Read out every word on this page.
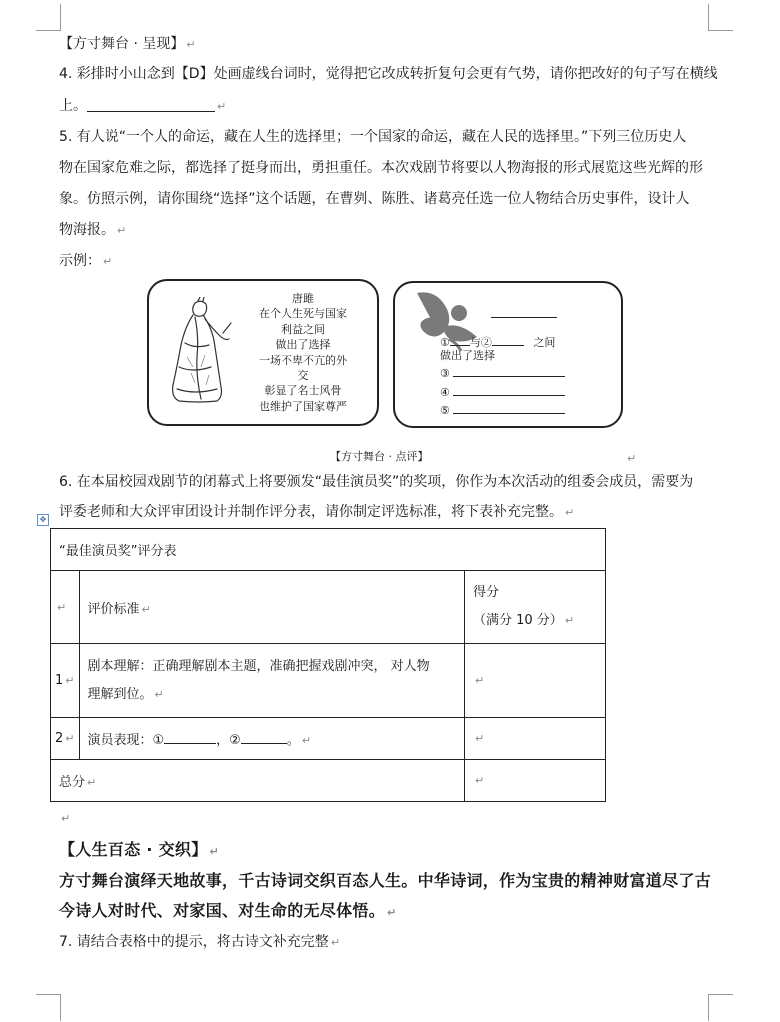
【方寸舞台 · 呈现】 ↵
4. 彩排时小山念到【D】处画虚线台词时，觉得把它改成转折复句会更有气势，请你把改好的句子写在横线
上。	↵
5. 有人说“一个人的命运，藏在人生的选择里；一个国家的命运，藏在人民的选择里。”下列三位历史人
物在国家危难之际，都选择了挺身而出，勇担重任。本次戏剧节将要以人物海报的形式展览这些光辉的形
象。仿照示例，请你围绕“选择”这个话题，在曹刿、陈胜、诸葛亮任选一位人物结合历史事件，设计人
物海报。 ↵
示例： ↵
唐雎
在个人生死与国家
利益之间
做出了选择
一场不卑不亢的外
交
彰显了名士风骨
也维护了国家尊严
① 与②	之间
做出了选择
③
④
⑤
【方寸舞台 · 点评】	↵
6. 在本届校园戏剧节的闭幕式上将要颁发“最佳演员奖”的奖项，你作为本次活动的组委会成员，需要为
评委老师和大众评审团设计并制作评分表，请你制定评选标准，将下表补充完整。 ↵
✥
“最佳演员奖”评分表		
↵	评价标准 ↵	得分
（满分 10 分） ↵

1 ↵	剧本理解：正确理解剧本主题，准确把握戏剧冲突， 对人物
理解到位。 ↵	↵
2 ↵	演员表现：① ，② 。 ↵	↵
总分 ↵		↵
↵
【人生百态 · 交织】 ↵
方寸舞台演绎天地故事，千古诗词交织百态人生。中华诗词，作为宝贵的精神财富道尽了古
今诗人对时代、对家国、对生命的无尽体悟。 ↵
7. 请结合表格中的提示，将古诗文补充完整 ↵
